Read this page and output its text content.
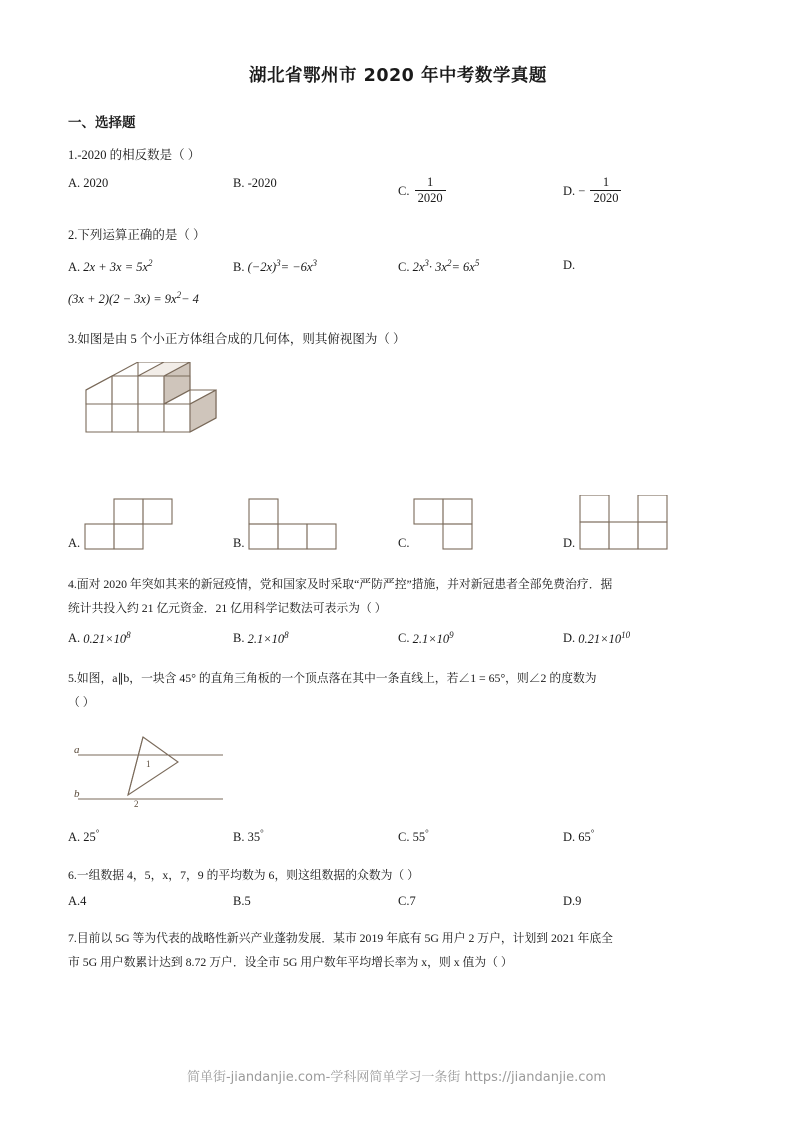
湖北省鄂州市 2020 年中考数学真题
一、选择题
1.-2020 的相反数是（ ）
A. 2020	B. -2020
C. $\frac{1}{2020}$	D. − $\frac{1}{2020}$
2.下列运算正确的是（ ）
A. $2x + 3x = 5x^2$	B. $(-2x)^3= -6x^3$	C. $2x^3\cdot 3x^2= 6x^5$	D.
$(3x + 2)(2 - 3x) = 9x^2- 4$
3.如图是由 5 个小正方体组合成的几何体，则其俯视图为（ ）
A.	B.	C.	D.
4.面对 2020 年突如其来的新冠疫情，党和国家及时采取“严防严控”措施，并对新冠患者全部免费治疗．据
统计共投入约 21 亿元资金．21 亿用科学记数法可表示为（ ）
A. $0.21\times 10^8$	B. $2.1\times 10^8$	C. $2.1\times 10^9$	D. $0.21\times 10^{10}$
5.如图，a∥b，一块含 45° 的直角三角板的一个顶点落在其中一条直线上，若∠1 = 65°，则∠2 的度数为
（ ）
a
b
1
2
A. 25°	B. 35°	C. 55°	D. 65°
6.一组数据 4，5，x，7，9 的平均数为 6，则这组数据的众数为（ ）
A.4	B.5	C.7	D.9
7.目前以 5G 等为代表的战略性新兴产业蓬勃发展．某市 2019 年底有 5G 用户 2 万户，计划到 2021 年底全
市 5G 用户数累计达到 8.72 万户．设全市 5G 用户数年平均增长率为 x，则 x 值为（ ）
简单街-jiandanjie.com-学科网简单学习一条街 https://jiandanjie.com
